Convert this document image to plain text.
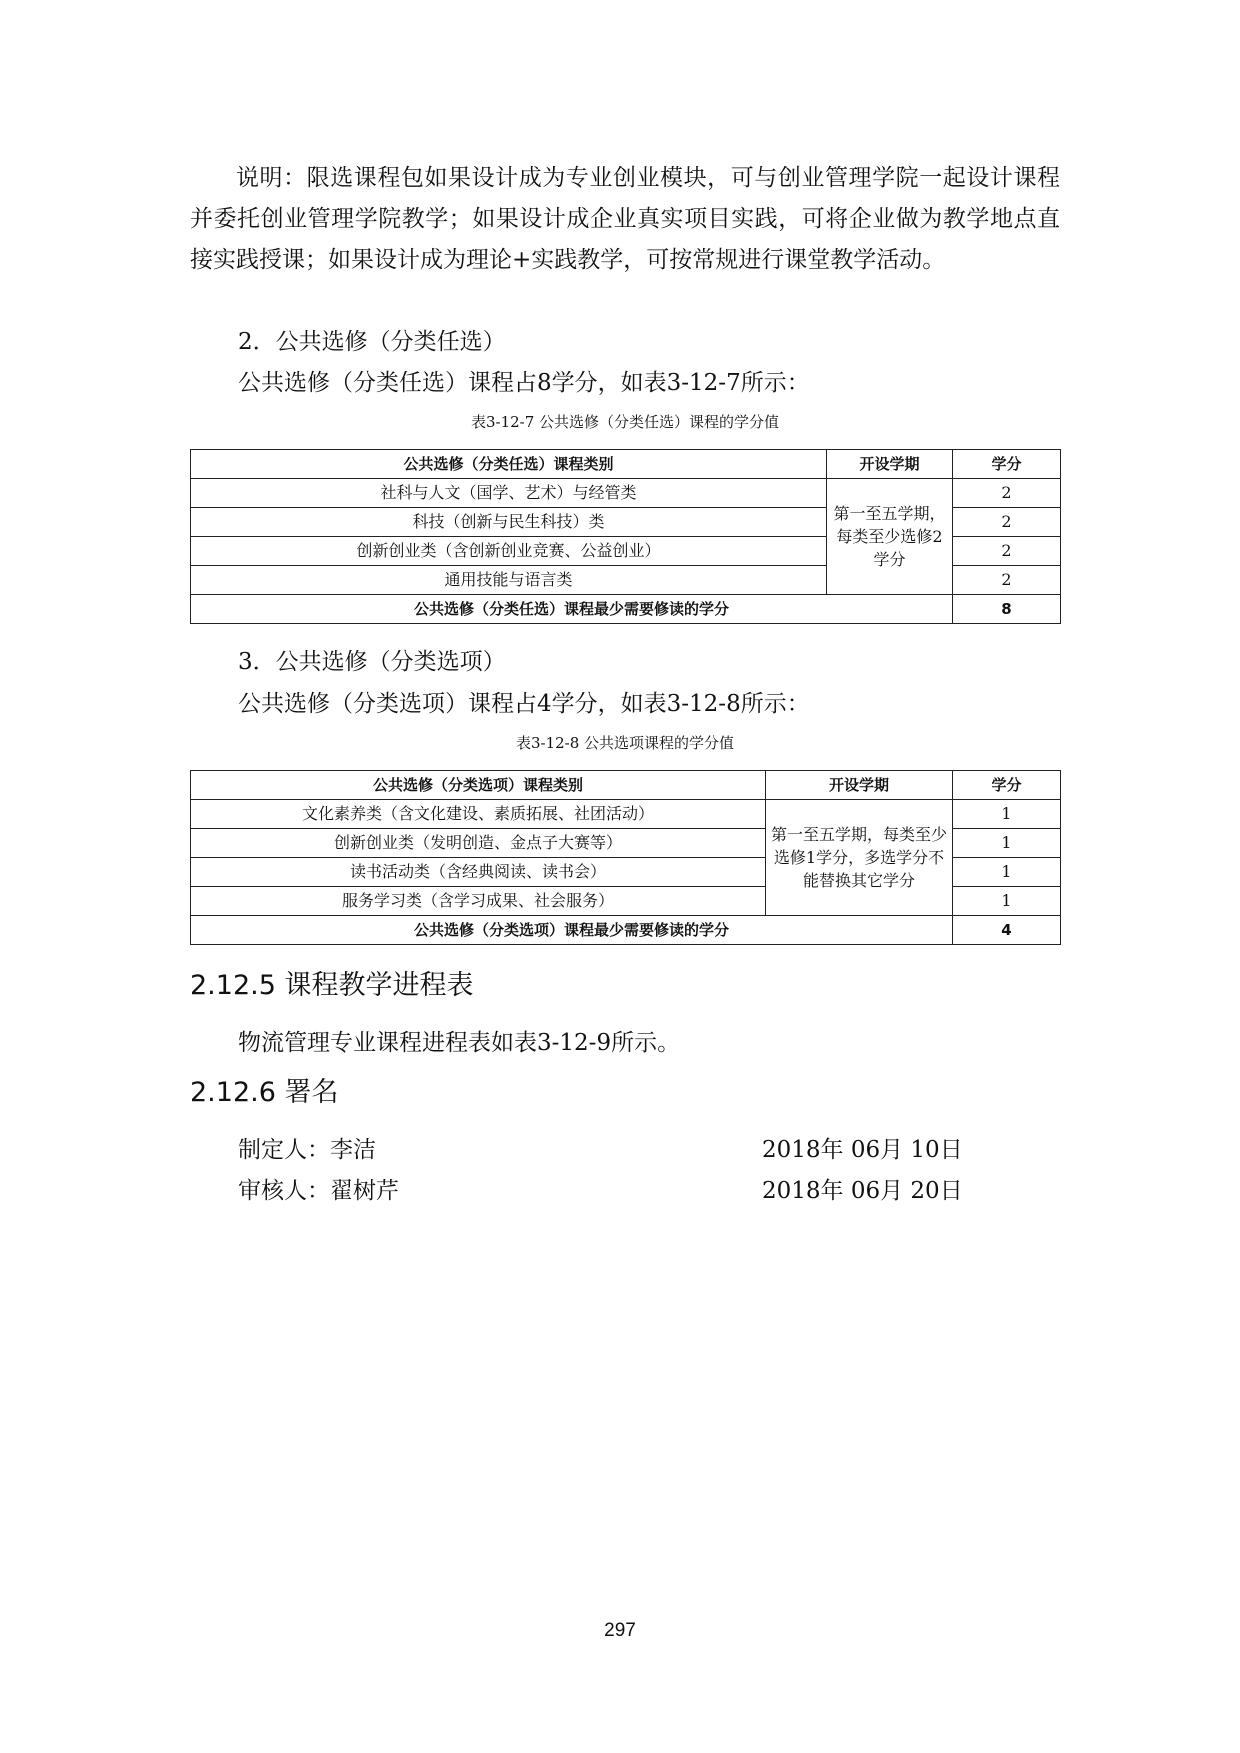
说明：限选课程包如果设计成为专业创业模块，可与创业管理学院一起设计课程并委托创业管理学院教学；如果设计成企业真实项目实践，可将企业做为教学地点直接实践授课；如果设计成为理论+实践教学，可按常规进行课堂教学活动。

2．公共选修（分类任选）

公共选修（分类任选）课程占8学分，如表3-12-7所示：

表3-12-7 公共选修（分类任选）课程的学分值

公共选修（分类任选）课程类别	开设学期	学分
社科与人文（国学、艺术）与经管类	第一至五学期，每类至少选修2学分	2
科技（创新与民生科技）类		2
创新创业类（含创新创业竞赛、公益创业）		2
通用技能与语言类		2
公共选修（分类任选）课程最少需要修读的学分		8

3．公共选修（分类选项）

公共选修（分类选项）课程占4学分，如表3-12-8所示：

表3-12-8 公共选项课程的学分值

公共选修（分类选项）课程类别	开设学期	学分
文化素养类（含文化建设、素质拓展、社团活动）	第一至五学期，每类至少选修1学分，多选学分不能替换其它学分	1
创新创业类（发明创造、金点子大赛等）		1
读书活动类（含经典阅读、读书会）		1
服务学习类（含学习成果、社会服务）		1
公共选修（分类选项）课程最少需要修读的学分		4
2.12.5 课程教学进程表

物流管理专业课程进程表如表3-12-9所示。

2.12.6 署名
制定人：李洁	2018年 06月 10日
审核人：翟树芹	2018年 06月 20日
297
